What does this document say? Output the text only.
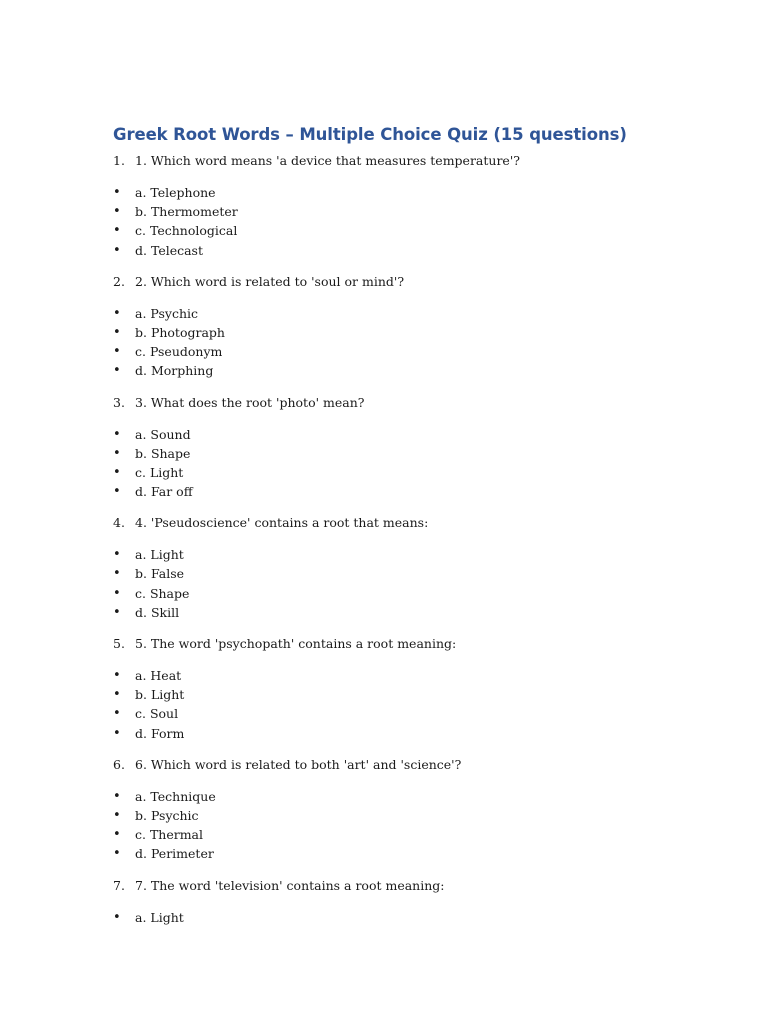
Greek Root Words – Multiple Choice Quiz (15 questions)
1. 1. Which word means 'a device that measures temperature'?
•	a. Telephone
•	b. Thermometer
•	c. Technological
•	d. Telecast
2. 2. Which word is related to 'soul or mind'?
•	a. Psychic
•	b. Photograph
•	c. Pseudonym
•	d. Morphing
3. 3. What does the root 'photo' mean?
•	a. Sound
•	b. Shape
•	c. Light
•	d. Far off
4. 4. 'Pseudoscience' contains a root that means:
•	a. Light
•	b. False
•	c. Shape
•	d. Skill
5. 5. The word 'psychopath' contains a root meaning:
•	a. Heat
•	b. Light
•	c. Soul
•	d. Form
6. 6. Which word is related to both 'art' and 'science'?
•	a. Technique
•	b. Psychic
•	c. Thermal
•	d. Perimeter
7. 7. The word 'television' contains a root meaning:
•	a. Light
